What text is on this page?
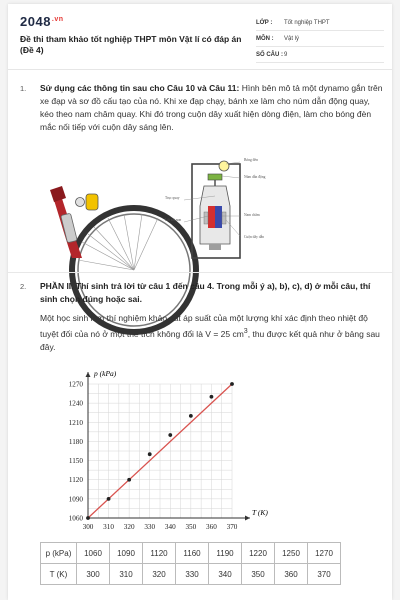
$2048^{.vn}$
Đề thi tham khảo tốt nghiệp THPT môn Vật lí có đáp án (Đề 4)
LỚP :	Tốt nghiệp THPT
MÔN :	Vật lý
SỐ CÂU : 9
1. Sử dụng các thông tin sau cho Câu 10 và Câu 11: Hình bên mô tả một dynamo gắn trên xe đạp và sơ đồ cấu tạo của nó. Khi xe đạp chạy, bánh xe làm cho núm dẫn động quay, kéo theo nam châm quay. Khi đó trong cuộn dây xuất hiện dòng điện, làm cho bóng đèn mắc nối tiếp với cuộn dây sáng lên.

Bóng đèn
Núm dẫn động
Trục quay
Lõi sắt non
Nam châm
Cuộn dây dẫn
2. PHẦN II. Thí sinh trả lời từ câu 1 đến câu 4. Trong mỗi ý a), b), c), d) ở mỗi câu, thí sinh chọn đúng hoặc sai.

Một học sinh làm thí nghiệm khảo sát áp suất của một lượng khí xác định theo nhiệt độ tuyệt đối của nó ở một thể tích không đổi là V = 25 $cm^3$, thu được kết quả như ở bảng sau đây.

300 310 320 330 340 350 360 370
1060
1090
1120
1150
1180
1210
1240
1270
p (kPa)
T (K)
p (kPa)	1060	1090	1120	1160	1190	1220	1250	1270
T (K)	300	310	320	330	340	350	360	370
